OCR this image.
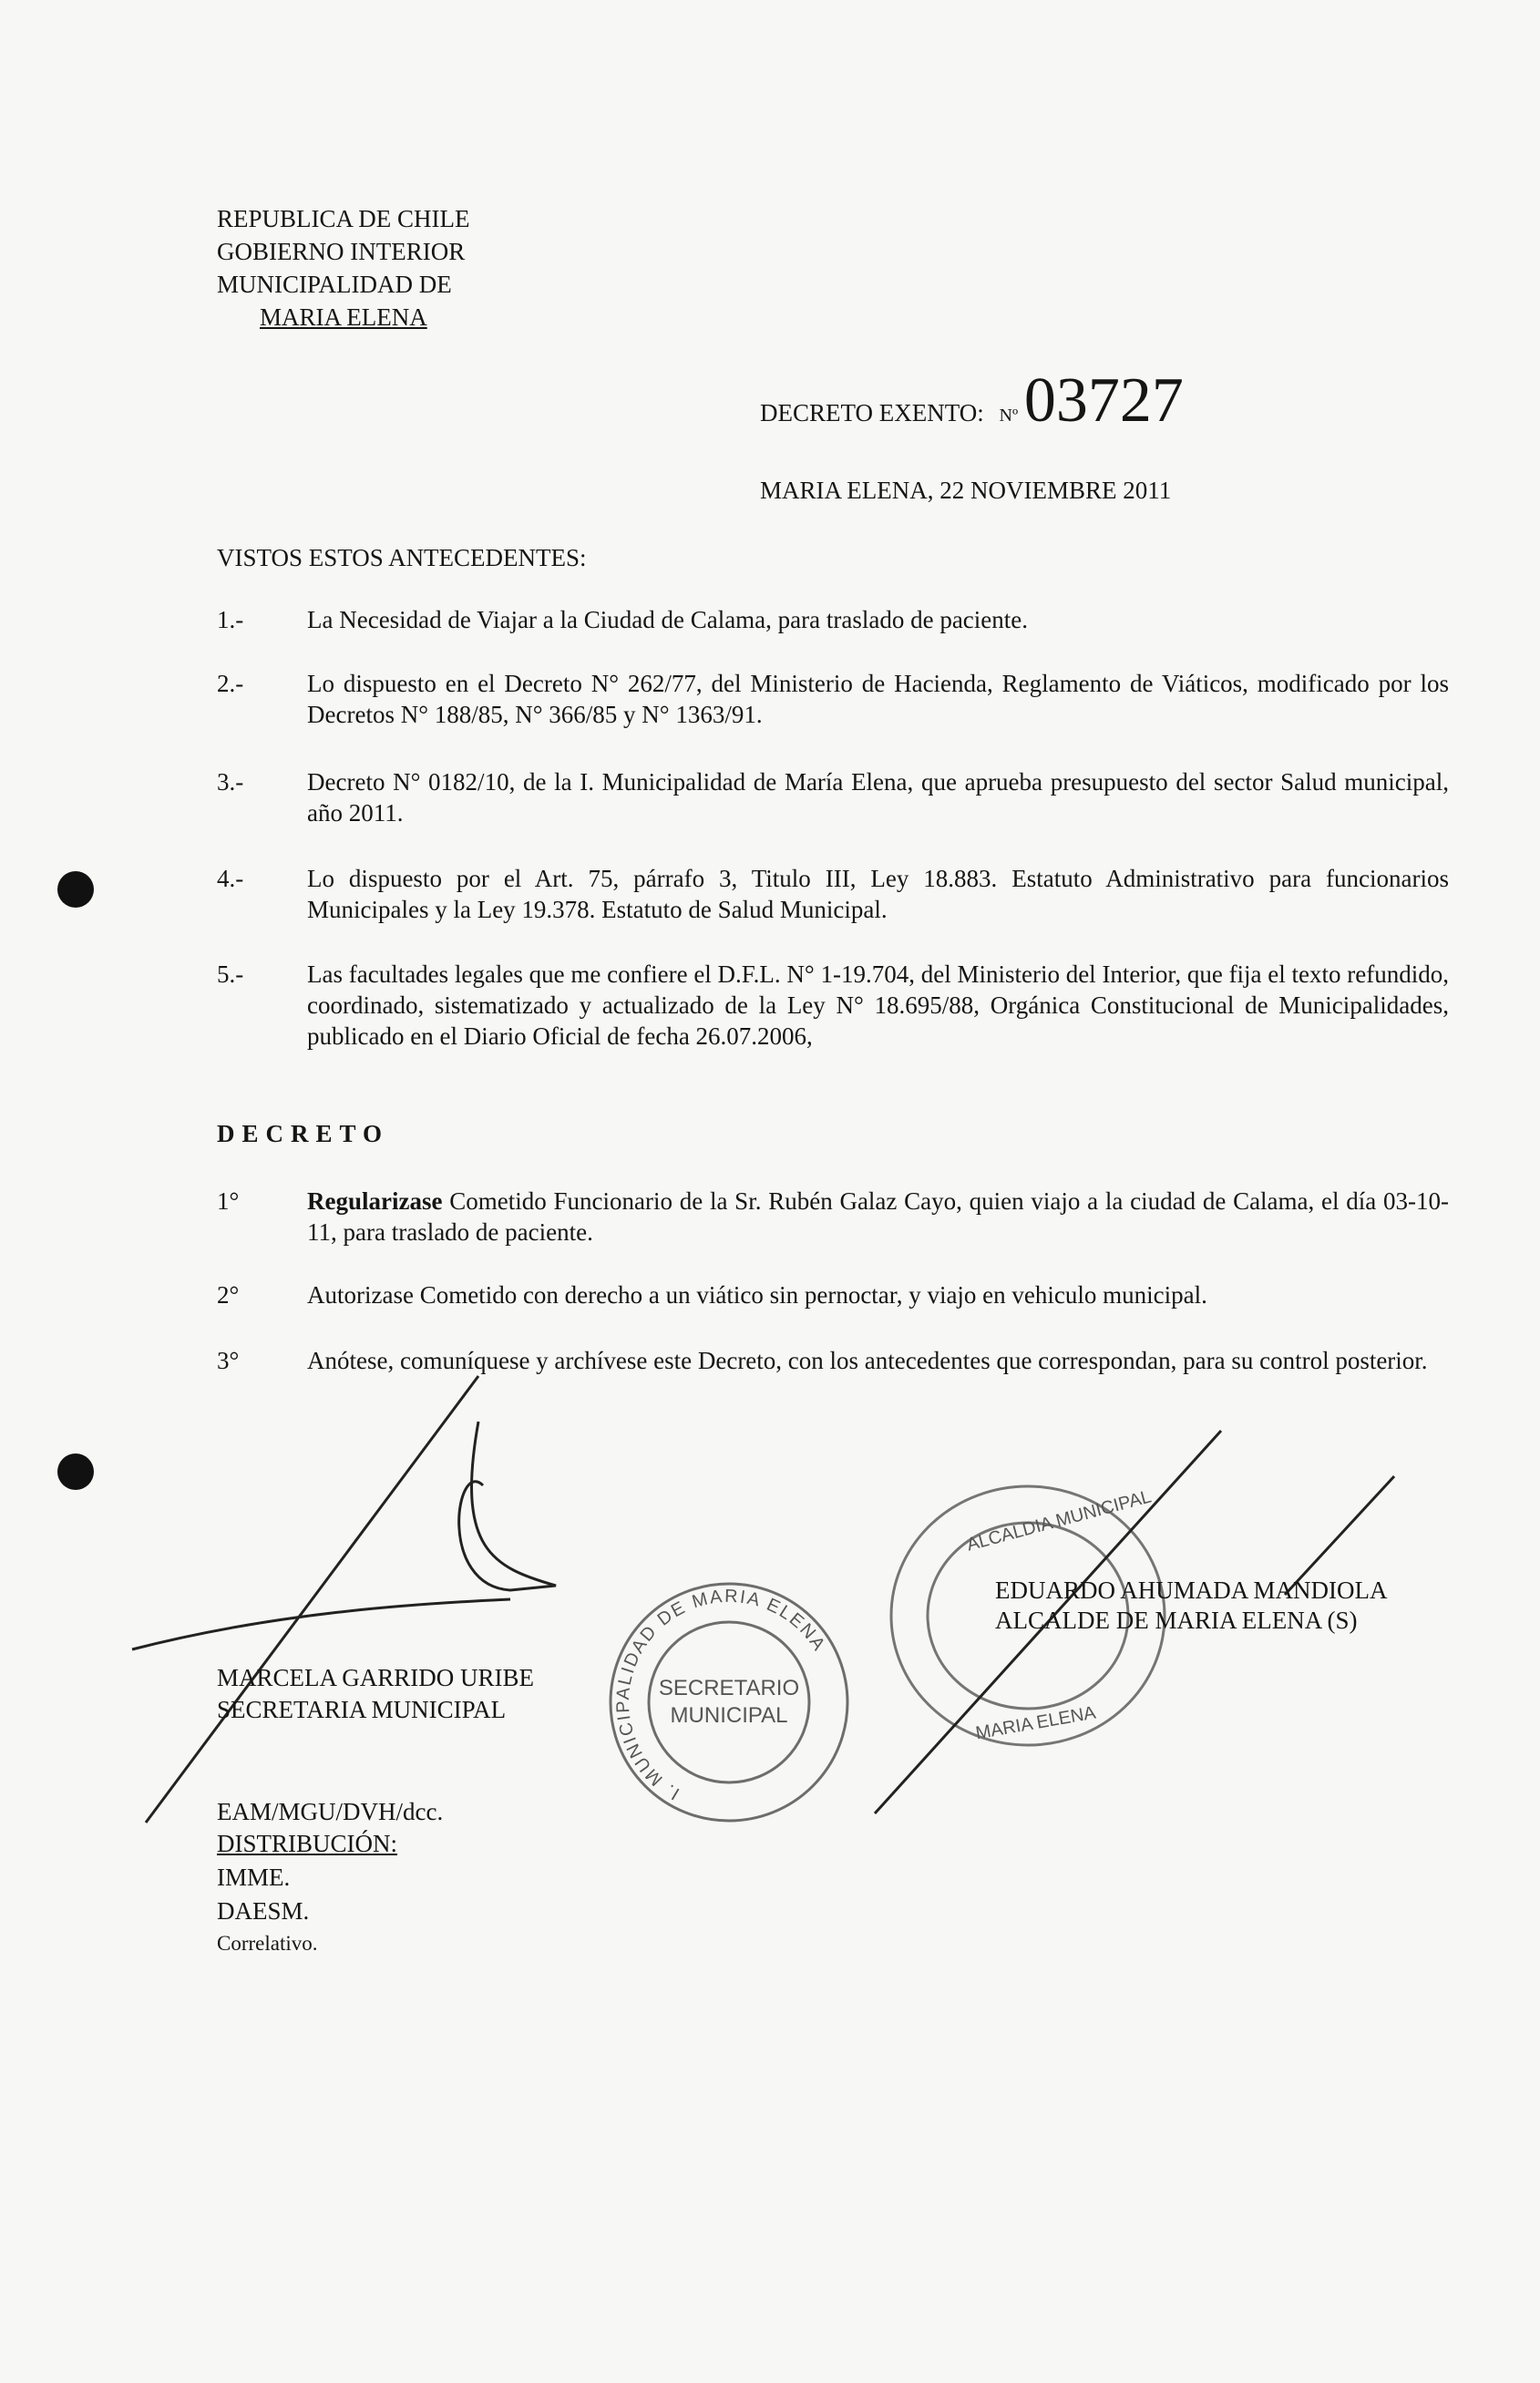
REPUBLICA DE CHILE
GOBIERNO INTERIOR
MUNICIPALIDAD DE
MARIA ELENA
DECRETO EXENTO: Nº 03727
MARIA ELENA, 22 NOVIEMBRE 2011
VISTOS ESTOS ANTECEDENTES:
1.-	La Necesidad de Viajar a la Ciudad de Calama, para traslado de paciente.
2.-	Lo dispuesto en el Decreto N° 262/77, del Ministerio de Hacienda, Reglamento de Viáticos, modificado por los Decretos N° 188/85, N° 366/85 y N° 1363/91.
3.-	Decreto N° 0182/10, de la I. Municipalidad de María Elena, que aprueba presupuesto del sector Salud municipal, año 2011.
4.-	Lo dispuesto por el Art. 75, párrafo 3, Titulo III, Ley 18.883. Estatuto Administrativo para funcionarios Municipales y la Ley 19.378. Estatuto de Salud Municipal.
5.-	Las facultades legales que me confiere el D.F.L. N° 1-19.704, del Ministerio del Interior, que fija el texto refundido, coordinado, sistematizado y actualizado de la Ley N° 18.695/88, Orgánica Constitucional de Municipalidades, publicado en el Diario Oficial de fecha 26.07.2006,
DECRETO
1°	Regularizase Cometido Funcionario de la Sr. Rubén Galaz Cayo, quien viajo a la ciudad de Calama, el día 03-10-11, para traslado de paciente.
2°	Autorizase Cometido con derecho a un viático sin pernoctar, y viajo en vehiculo municipal.
3°	Anótese, comuníquese y archívese este Decreto, con los antecedentes que correspondan, para su control posterior.
I. MUNICIPALIDAD DE MARIA ELENA
SECRETARIO
MUNICIPAL
ALCALDIA MUNICIPAL
MARIA ELENA
MARCELA GARRIDO URIBE
SECRETARIA MUNICIPAL
EDUARDO AHUMADA MANDIOLA
ALCALDE DE MARIA ELENA (S)
EAM/MGU/DVH/dcc.
DISTRIBUCIÓN:
IMME.
DAESM.
Correlativo.
